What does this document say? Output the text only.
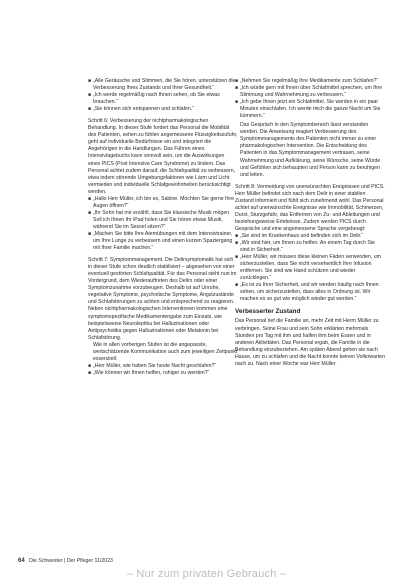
■ „Alle Geräusche und Stimmen, die Sie hören, unterstützen die Verbesserung Ihres Zustands und Ihrer Gesundheit.“
■ „Ich werde regelmäßig nach Ihnen sehen, ob Sie etwas brauchen.“
■ „Sie können sich entspannen und schlafen.“

Schritt 6: Verbesserung der nichtpharmakologischen Behandlung. In dieser Stufe fordert das Personal die Mobilität des Patienten, sehen zu fühlen angemessene Flüssigkeitszufuhr, geht auf individuelle Bedürfnisse ein und integriert die Angehörigen in die Handlungen. Das Führen eines Intensivtagebuchs kann sinnvoll sein, um die Auswirkungen eines PICS (Post Intensive Care Syndrome) zu lindern. Das Personal achtet zudem darauf, die Schlafqualität zu verbessern, etwa indem störende Umgebungsfaktoren wie Lärm und Licht vermieden und individuelle Schlafgewohnheiten berücksichtigt werden.

■ „Hallo Herr Müller, ich bin es, Sabine. Möchten Sie gerne Ihre Augen öffnen?“
■ „Ihr Sohn hat mir erzählt, dass Sie klassische Musik mögen. Soll ich Ihnen Ihr iPad holen und Sie hören etwas Musik, während Sie im Sessel sitzen?“
■ „Machen Sie bitte Ihre Atemübungen mit dem Intensivtrainer, um Ihre Lunge zu verbessern und einen kurzen Spaziergang mit Ihrer Familie machen.“

Schritt 7: Symptommanagement. Die Delirsymptomatik hat sich in dieser Stufe schon deutlich stabilisiert – abgesehen von einer eventuell gestörten Schlafqualität. Für das Personal steht nun im Vordergrund, dem Wiederauftreten des Delirs oder einer Symptomzunahme vorzubeugen. Deshalb ist auf Unruhe, vegetative Symptome, psychotische Symptome, Angstzustände und Schlafstörungen zu achten und entsprechend zu reagieren. Neben nichtpharmakologischen Interventionen kommen eine symptomspezifische Medikamentengabe zum Einsatz, wie beispielsweise Neuroleptika bei Halluzinationen oder Antipsychotika gegen Halluzinationen oder Melatonin bei Schlafstörung.

Wie in allen vorherigen Stufen ist die angepasste, wertschätzende Kommunikation auch zum jeweiligen Zeitpunkt essenziell:

■ „Herr Müller, wie haben Sie heute Nacht geschlafen?“
■ „Wie können wir Ihnen helfen, ruhiger zu werden?“
■ „Nehmen Sie regelmäßig Ihre Medikamente zum Schlafen?“
■ „Ich würde gern mit Ihnen über Schlafmittel sprechen, um Ihre Stimmung und Wahrnehmung zu verbessern.“
■ „Ich gebe Ihnen jetzt ein Schlafmittel. Sie werden in ein paar Minuten einschlafen. Ich werde mich die ganze Nacht um Sie kümmern.“

Das Gespräch in den Symptombereich lässt verstanden werden. Die Anweisung reagiert Verbesserung des Symptommanagements des Patienten nicht immer zu einer pharmakologischen Intervention. Die Entscheidung des Patienten in das Symptommanagement vertrauen, seine Wahrnehmung und Aufklärung, seine Wünsche, seine Würde und Gefühlen sich behaupten und Person kann zu beruhigen und leiten.

Schritt 8: Vermeidung von unerwünschten Ereignissen und PICS. Herr Müller befindet sich nach dem Delir in einer stabilen Zustand informiert und fühlt sich zunehmend wohl. Das Personal achtet auf unerwünschte Ereignisse wie Immobilität, Schmerzen, Durst, Sturzgefahr, das Entfernen von Zu- und Ableitungen und beziehungsweise Erlebnisse. Zudem werden PICS durch Gespräche und eine angemessene Sprache vorgebeugt:

■ „Sie sind im Krankenhaus und befinden sich im Delir.“
■ „Wir sind hier, um Ihnen zu helfen. An einem Tag durch Sie sind in Sicherheit.“
■ „Herr Müller, wir müssen diese kleinen Fäden verwenden, um sicherzustellen, dass Sie nicht versehentlich Ihre Infusion entfernen. Sie sind wie Hand schützen und wieder zurücklegen.“
■ „Es ist zu Ihrer Sicherheit, und wir werden häufig nach Ihnen sehen, um sicherzustellen, dass alles in Ordnung ist. Wir machen es so gut wie möglich wieder gut werden.“
Verbesserter Zustand

Das Personal rief die Familie an, mehr Zeit mit Herrn Müller zu verbringen. Seine Frau und sein Sohn erklärten mehrmals Stunden pro Tag mit ihm und halfen ihm beim Essen und in anderen Aktivitäten. Das Personal ergab, die Familie in die Behandlung einzubeziehen. Am späten Abend gehen sie nach Hause, um zu schlafen und die Nacht konnte keinen Vollerwarten nach zu. Nach einer Woche war Herr Müller.

64 Die Schwester | Der Pfleger 11/2023
– Nur zum privaten Gebrauch –
